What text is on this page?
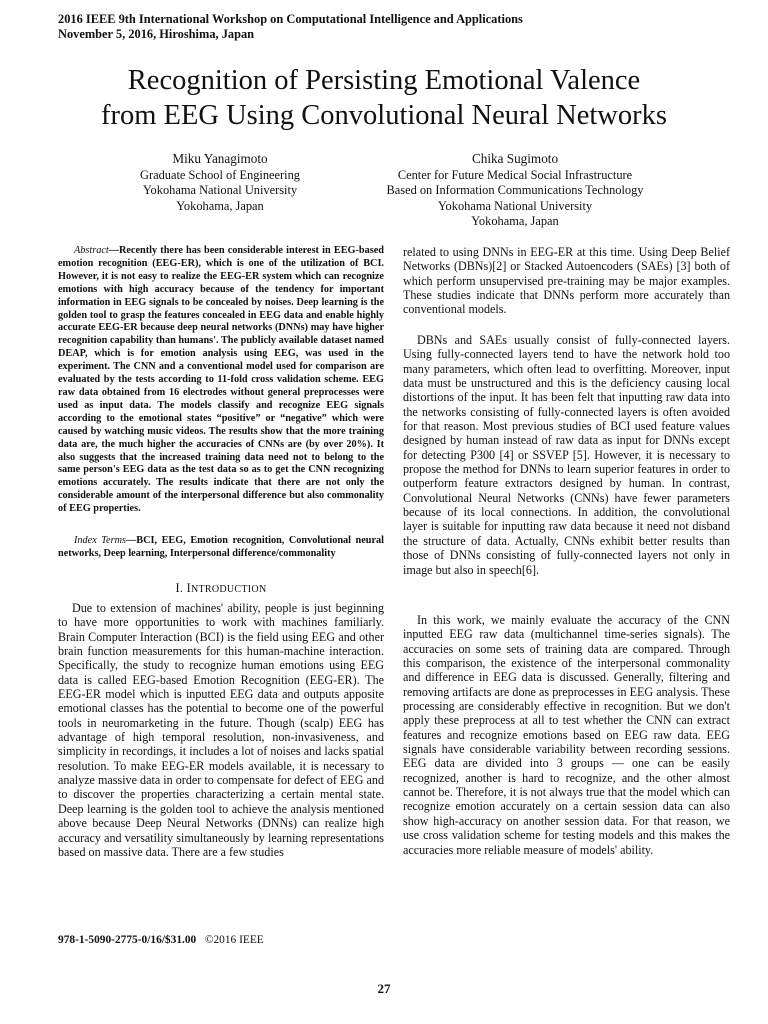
2016 IEEE 9th International Workshop on Computational Intelligence and Applications
November 5, 2016, Hiroshima, Japan
Recognition of Persisting Emotional Valence
from EEG Using Convolutional Neural Networks
Miku Yanagimoto
Graduate School of Engineering
Yokohama National University
Yokohama, Japan
Chika Sugimoto
Center for Future Medical Social Infrastructure
Based on Information Communications Technology
Yokohama National University
Yokohama, Japan
Abstract—Recently there has been considerable interest in EEG-based emotion recognition (EEG-ER), which is one of the utilization of BCI. However, it is not easy to realize the EEG-ER system which can recognize emotions with high accuracy because of the tendency for important information in EEG signals to be concealed by noises. Deep learning is the golden tool to grasp the features concealed in EEG data and enable highly accurate EEG-ER because deep neural networks (DNNs) may have higher recognition capability than humans'. The publicly available dataset named DEAP, which is for emotion analysis using EEG, was used in the experiment. The CNN and a conventional model used for comparison are evaluated by the tests according to 11-fold cross validation scheme. EEG raw data obtained from 16 electrodes without general preprocesses were used as input data. The models classify and recognize EEG signals according to the emotional states “positive” or “negative” which were caused by watching music videos. The results show that the more training data are, the much higher the accuracies of CNNs are (by over 20%). It also suggests that the increased training data need not to belong to the same person's EEG data as the test data so as to get the CNN recognizing emotions accurately. The results indicate that there are not only the considerable amount of the interpersonal difference but also commonality of EEG properties.
Index Terms—BCI, EEG, Emotion recognition, Convolutional neural networks, Deep learning, Interpersonal difference/commonality
I. INTRODUCTION
Due to extension of machines' ability, people is just beginning to have more opportunities to work with machines familiarly. Brain Computer Interaction (BCI) is the field using EEG and other brain function measurements for this human-machine interaction. Specifically, the study to recognize human emotions using EEG data is called EEG-based Emotion Recognition (EEG-ER). The EEG-ER model which is inputted EEG data and outputs apposite emotional classes has the potential to become one of the powerful tools in neuromarketing in the future. Though (scalp) EEG has advantage of high temporal resolution, non-invasiveness, and simplicity in recordings, it includes a lot of noises and lacks spatial resolution. To make EEG-ER models available, it is necessary to analyze massive data in order to compensate for defect of EEG and to discover the properties characterizing a certain mental state. Deep learning is the golden tool to achieve the analysis mentioned above because Deep Neural Networks (DNNs) can realize high accuracy and versatility simultaneously by learning representations based on massive data. There are a few studies
related to using DNNs in EEG-ER at this time. Using Deep Belief Networks (DBNs)[2] or Stacked Autoencoders (SAEs) [3] both of which perform unsupervised pre-training may be major examples. These studies indicate that DNNs perform more accurately than conventional models.
DBNs and SAEs usually consist of fully-connected layers. Using fully-connected layers tend to have the network hold too many parameters, which often lead to overfitting. Moreover, input data must be unstructured and this is the deficiency causing local distortions of the input. It has been felt that inputting raw data into the networks consisting of fully-connected layers is often avoided for that reason. Most previous studies of BCI used feature values designed by human instead of raw data as input for DNNs except for detecting P300 [4] or SSVEP [5]. However, it is necessary to propose the method for DNNs to learn superior features in order to outperform feature extractors designed by human. In contrast, Convolutional Neural Networks (CNNs) have fewer parameters because of its local connections. In addition, the convolutional layer is suitable for inputting raw data because it need not disband the structure of data. Actually, CNNs exhibit better results than those of DNNs consisting of fully-connected layers not only in image but also in speech[6].
In this work, we mainly evaluate the accuracy of the CNN inputted EEG raw data (multichannel time-series signals). The accuracies on some sets of training data are compared. Through this comparison, the existence of the interpersonal commonality and difference in EEG data is discussed. Generally, filtering and removing artifacts are done as preprocesses in EEG analysis. These processing are considerably effective in recognition. But we don't apply these preprocess at all to test whether the CNN can extract features and recognize emotions based on EEG raw data. EEG signals have considerable variability between recording sessions. EEG data are divided into 3 groups — one can be easily recognized, another is hard to recognize, and the other almost cannot be. Therefore, it is not always true that the model which can recognize emotion accurately on a certain session data can also show high-accuracy on another session data. For that reason, we use cross validation scheme for testing models and this makes the accuracies more reliable measure of models' ability.
978-1-5090-2775-0/16/$31.00 ©2016 IEEE
27
